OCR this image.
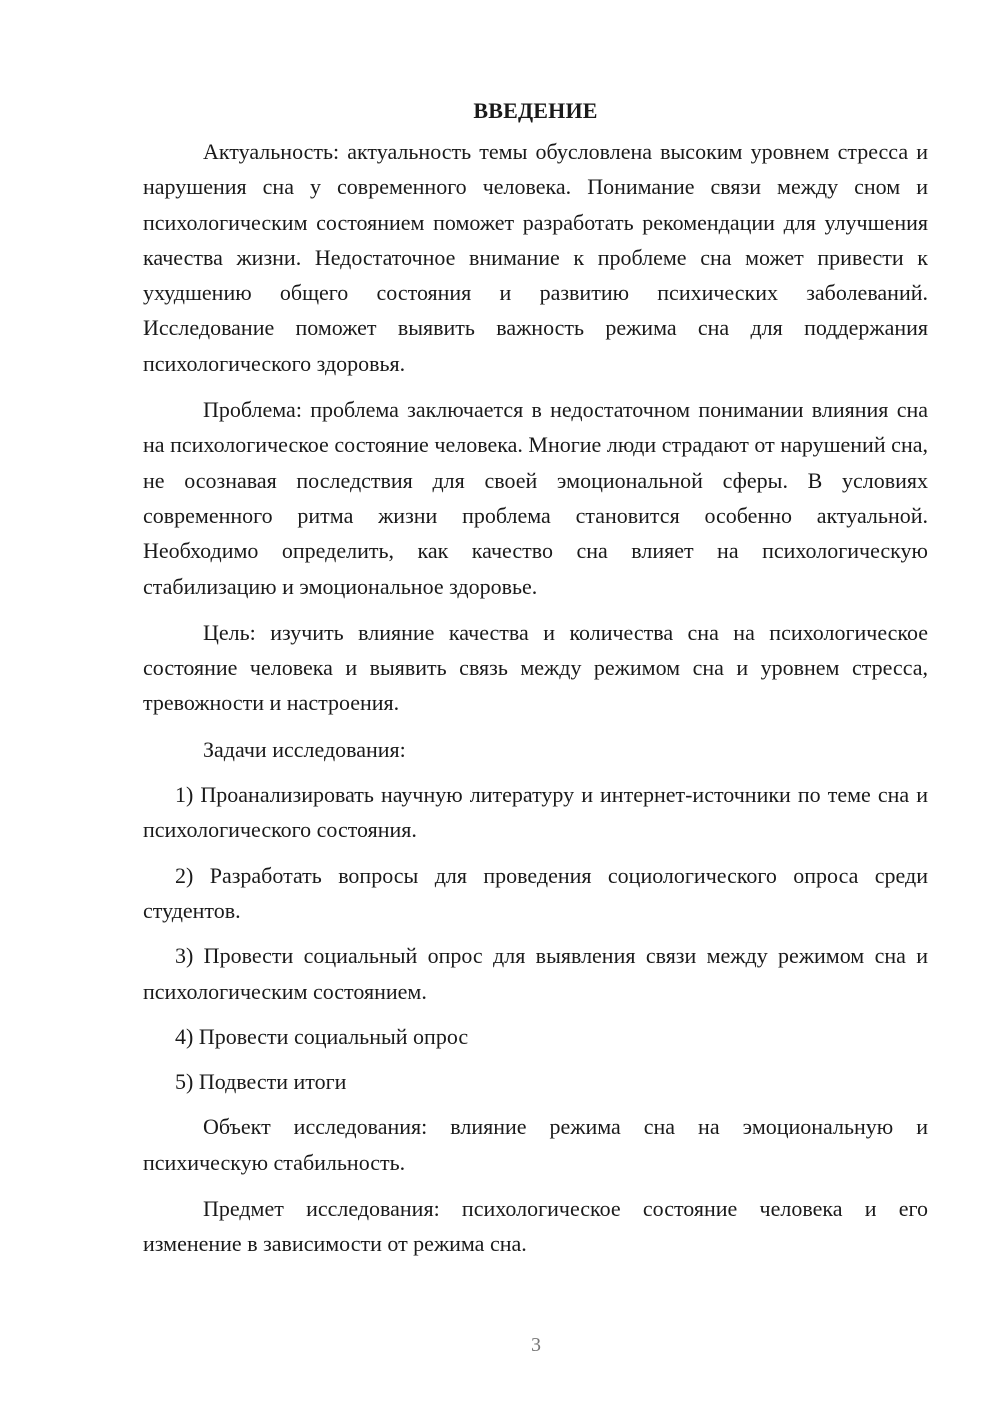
ВВЕДЕНИЕ

Актуальность: актуальность темы обусловлена высоким уровнем стресса и нарушения сна у современного человека. Понимание связи между сном и психологическим состоянием поможет разработать рекомендации для улучшения качества жизни. Недостаточное внимание к проблеме сна может привести к ухудшению общего состояния и развитию психических заболеваний. Исследование поможет выявить важность режима сна для поддержания психологического здоровья.

Проблема: проблема заключается в недостаточном понимании влияния сна на психологическое состояние человека. Многие люди страдают от нарушений сна, не осознавая последствия для своей эмоциональной сферы. В условиях современного ритма жизни проблема становится особенно актуальной. Необходимо определить, как качество сна влияет на психологическую стабилизацию и эмоциональное здоровье.

Цель: изучить влияние качества и количества сна на психологическое состояние человека и выявить связь между режимом сна и уровнем стресса, тревожности и настроения.

Задачи исследования:

1) Проанализировать научную литературу и интернет-источники по теме сна и психологического состояния.

2) Разработать вопросы для проведения социологического опроса среди студентов.

3) Провести социальный опрос для выявления связи между режимом сна и психологическим состоянием.

4) Провести социальный опрос

5) Подвести итоги

Объект исследования: влияние режима сна на эмоциональную и психическую стабильность.

Предмет исследования: психологическое состояние человека и его изменение в зависимости от режима сна.

3
